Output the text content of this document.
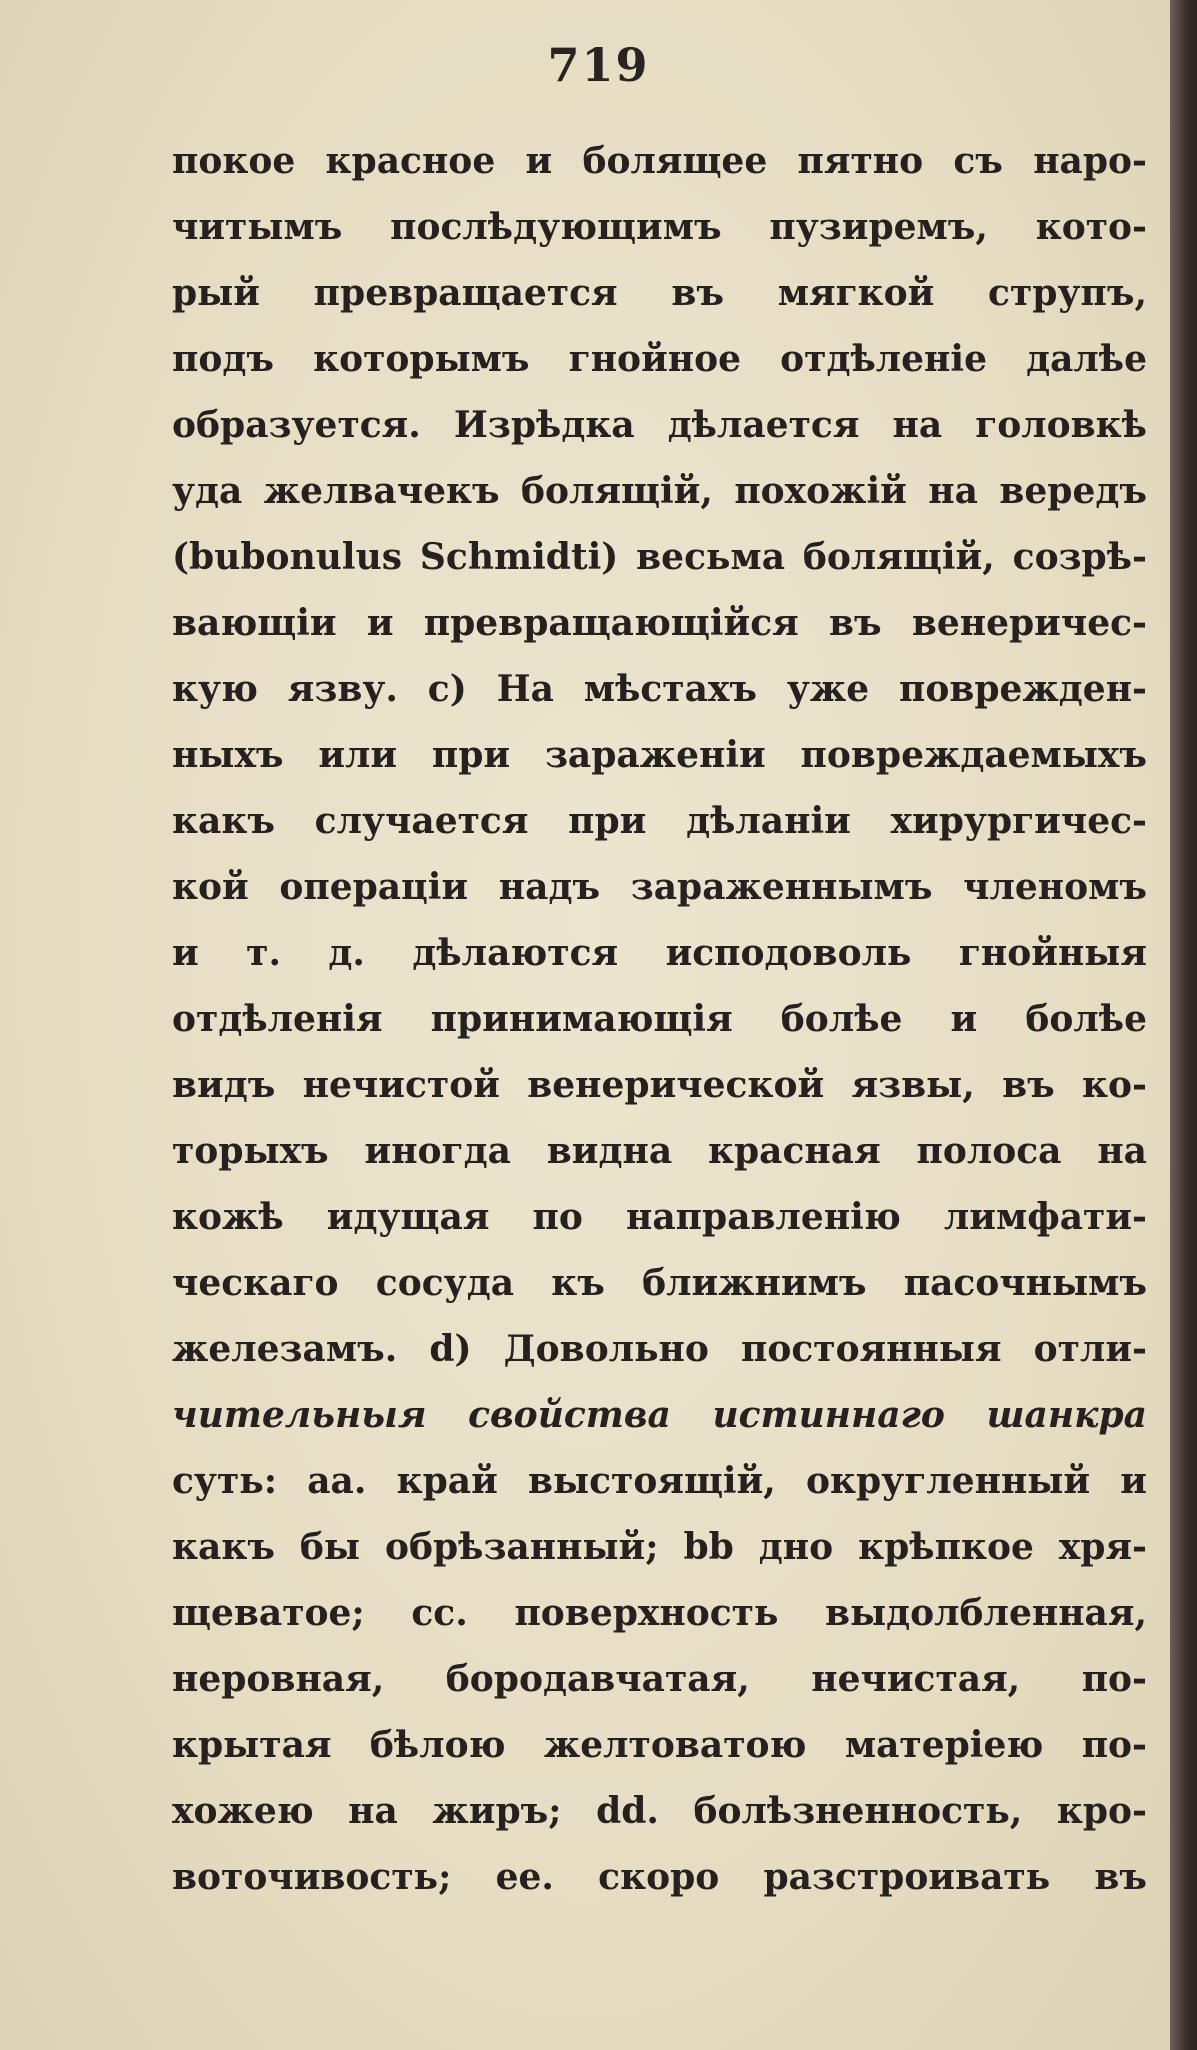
719
покое красное и болящее пятно съ наро-
читымъ послѣдующимъ пузиремъ, кото-
рый превращается въ мягкой струпъ,
подъ которымъ гнойное отдѣленiе далѣе
образуется. Изрѣдка дѣлается на головкѣ
уда желвачекъ болящiй, похожiй на вередъ
(bubonulus Schmidti) весьма болящiй, созрѣ-
вающiи и превращающiйся въ венеричес-
кую язву. c) На мѣстахъ уже поврежден-
ныхъ или при зараженiи повреждаемыхъ
какъ случается при дѣланiи хирургичес-
кой операцiи надъ зараженнымъ членомъ
и т. д. дѣлаются исподоволь гнойныя
отдѣленiя принимающiя болѣе и болѣе
видъ нечистой венерической язвы, въ ко-
торыхъ иногда видна красная полоса на
кожѣ идущая по направленiю лимфати-
ческаго сосуда къ ближнимъ пасочнымъ
железамъ. d) Довольно постоянныя отли-
чительныя свойства истиннаго шанкра
суть: aa. край выстоящiй, округленный и
какъ бы обрѣзанный; bb дно крѣпкое хря-
щеватое; cc. поверхность выдолбленная,
неровная, бородавчатая, нечистая, по-
крытая бѣлою желтоватою матерiею по-
хожею на жиръ; dd. болѣзненность, кро-
воточивость; ee. скоро разстроивать въ
